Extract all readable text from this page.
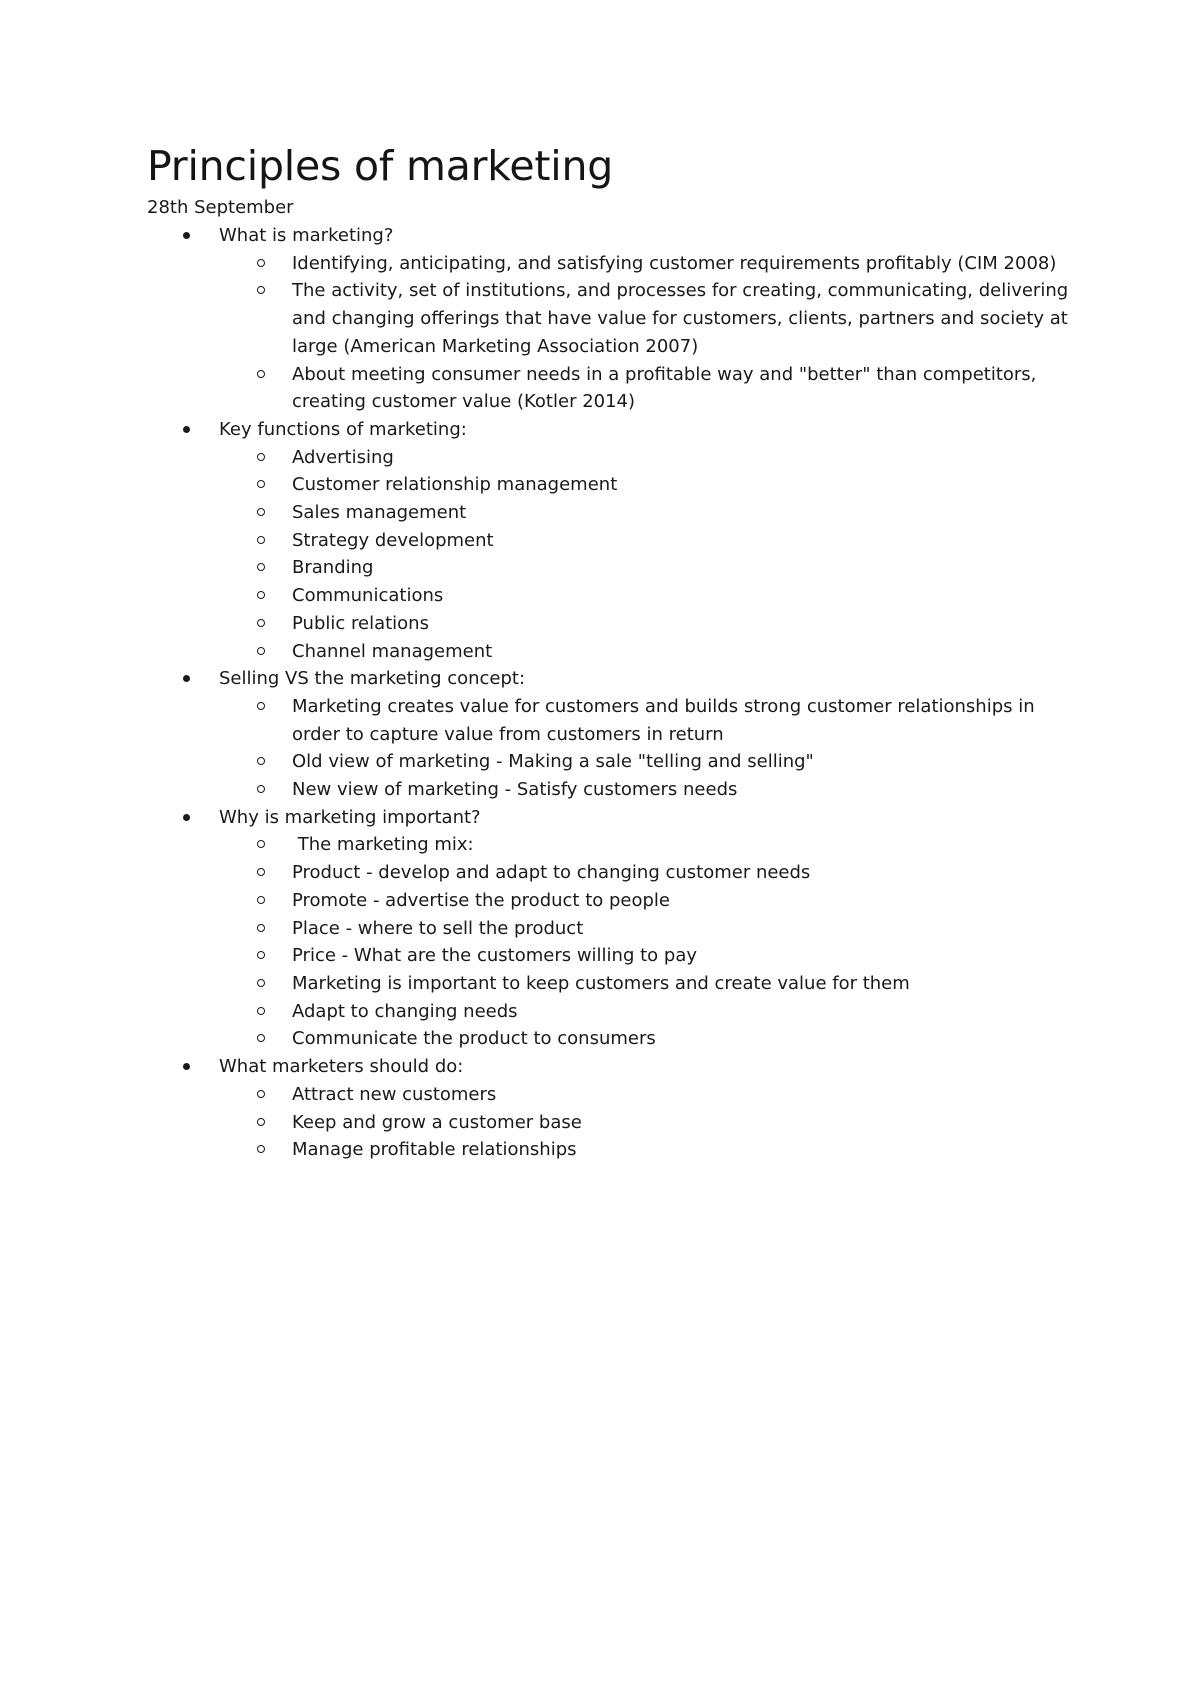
Principles of marketing
28th September
What is marketing?
Identifying, anticipating, and satisfying customer requirements profitably (CIM 2008)
The activity, set of institutions, and processes for creating, communicating, delivering and changing offerings that have value for customers, clients, partners and society at large (American Marketing Association 2007)
About meeting consumer needs in a profitable way and "better" than competitors, creating customer value (Kotler 2014)
Key functions of marketing:
Advertising
Customer relationship management
Sales management
Strategy development
Branding
Communications
Public relations
Channel management
Selling VS the marketing concept:
Marketing creates value for customers and builds strong customer relationships in order to capture value from customers in return
Old view of marketing - Making a sale "telling and selling"
New view of marketing - Satisfy customers needs
Why is marketing important?
The marketing mix:
Product - develop and adapt to changing customer needs
Promote - advertise the product to people
Place - where to sell the product
Price - What are the customers willing to pay
Marketing is important to keep customers and create value for them
Adapt to changing needs
Communicate the product to consumers
What marketers should do:
Attract new customers
Keep and grow a customer base
Manage profitable relationships
